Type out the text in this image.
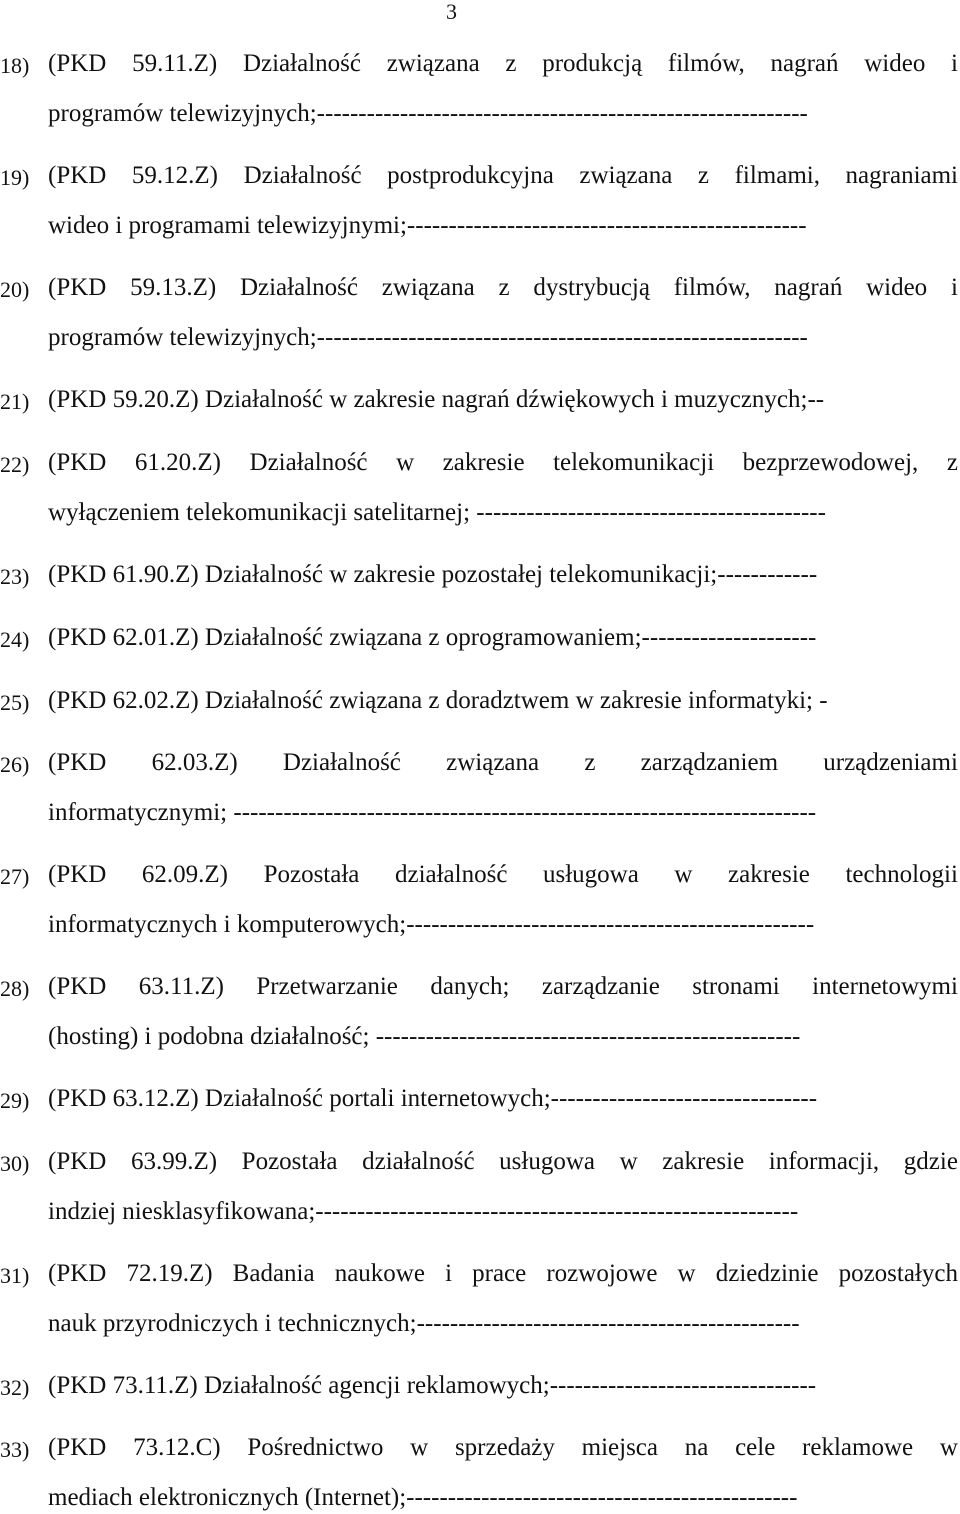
3
18) (PKD 59.11.Z) Działalność związana z produkcją filmów, nagrań wideo i
programów telewizyjnych;-----------------------------------------------------------
19) (PKD 59.12.Z) Działalność postprodukcyjna związana z filmami, nagraniami
wideo i programami telewizyjnymi;------------------------------------------------
20) (PKD 59.13.Z) Działalność związana z dystrybucją filmów, nagrań wideo i
programów telewizyjnych;-----------------------------------------------------------
21) (PKD 59.20.Z) Działalność w zakresie nagrań dźwiękowych i muzycznych;--
22) (PKD 61.20.Z) Działalność w zakresie telekomunikacji bezprzewodowej, z
wyłączeniem telekomunikacji satelitarnej; ------------------------------------------
23) (PKD 61.90.Z) Działalność w zakresie pozostałej telekomunikacji;------------
24) (PKD 62.01.Z) Działalność związana z oprogramowaniem;---------------------
25) (PKD 62.02.Z) Działalność związana z doradztwem w zakresie informatyki; -
26) (PKD 62.03.Z) Działalność związana z zarządzaniem urządzeniami
informatycznymi; ----------------------------------------------------------------------
27) (PKD 62.09.Z) Pozostała działalność usługowa w zakresie technologii
informatycznych i komputerowych;-------------------------------------------------
28) (PKD 63.11.Z) Przetwarzanie danych; zarządzanie stronami internetowymi
(hosting) i podobna działalność; ---------------------------------------------------
29) (PKD 63.12.Z) Działalność portali internetowych;--------------------------------
30) (PKD 63.99.Z) Pozostała działalność usługowa w zakresie informacji, gdzie
indziej niesklasyfikowana;----------------------------------------------------------
31) (PKD 72.19.Z) Badania naukowe i prace rozwojowe w dziedzinie pozostałych
nauk przyrodniczych i technicznych;----------------------------------------------
32) (PKD 73.11.Z) Działalność agencji reklamowych;--------------------------------
33) (PKD 73.12.C) Pośrednictwo w sprzedaży miejsca na cele reklamowe w
mediach elektronicznych (Internet);-----------------------------------------------
